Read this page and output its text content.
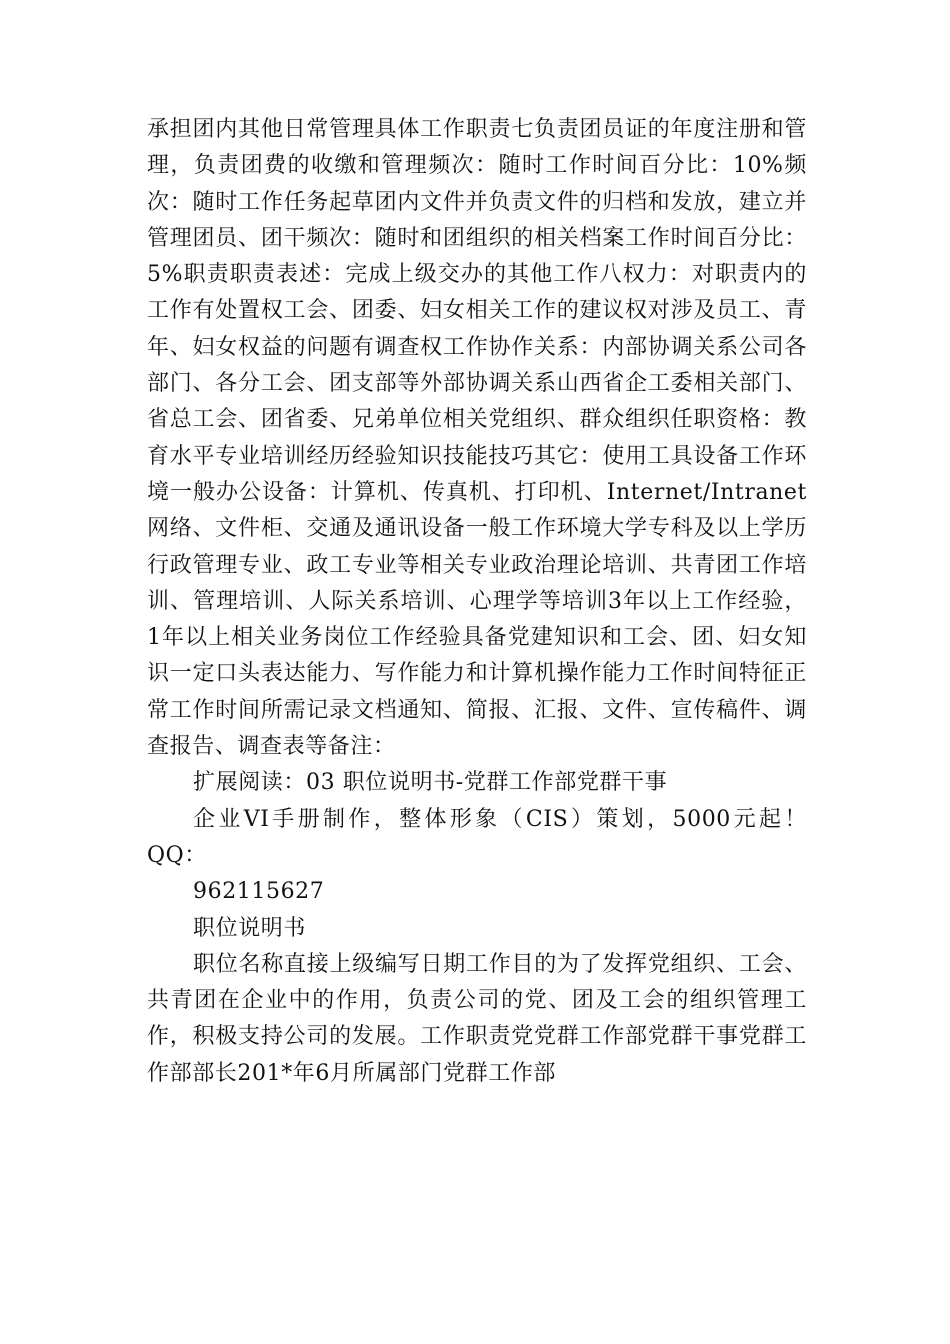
承担团内其他日常管理具体工作职责七负责团员证的年度注册和管理，负责团费的收缴和管理频次：随时工作时间百分比：10%频次：随时工作任务起草团内文件并负责文件的归档和发放，建立并管理团员、团干频次：随时和团组织的相关档案工作时间百分比：5%职责职责表述：完成上级交办的其他工作八权力：对职责内的工作有处置权工会、团委、妇女相关工作的建议权对涉及员工、青年、妇女权益的问题有调查权工作协作关系：内部协调关系公司各部门、各分工会、团支部等外部协调关系山西省企工委相关部门、省总工会、团省委、兄弟单位相关党组织、群众组织任职资格：教育水平专业培训经历经验知识技能技巧其它：使用工具设备工作环境一般办公设备：计算机、传真机、打印机、Internet/Intranet网络、文件柜、交通及通讯设备一般工作环境大学专科及以上学历行政管理专业、政工专业等相关专业政治理论培训、共青团工作培训、管理培训、人际关系培训、心理学等培训3年以上工作经验，1年以上相关业务岗位工作经验具备党建知识和工会、团、妇女知识一定口头表达能力、写作能力和计算机操作能力工作时间特征正常工作时间所需记录文档通知、简报、汇报、文件、宣传稿件、调查报告、调查表等备注：

扩展阅读：03 职位说明书-党群工作部党群干事

企业VI手册制作，整体形象（CIS）策划，5000元起！QQ：

962115627

职位说明书

职位名称直接上级编写日期工作目的为了发挥党组织、工会、共青团在企业中的作用，负责公司的党、团及工会的组织管理工作，积极支持公司的发展。工作职责党党群工作部党群干事党群工作部部长201*年6月所属部门党群工作部
